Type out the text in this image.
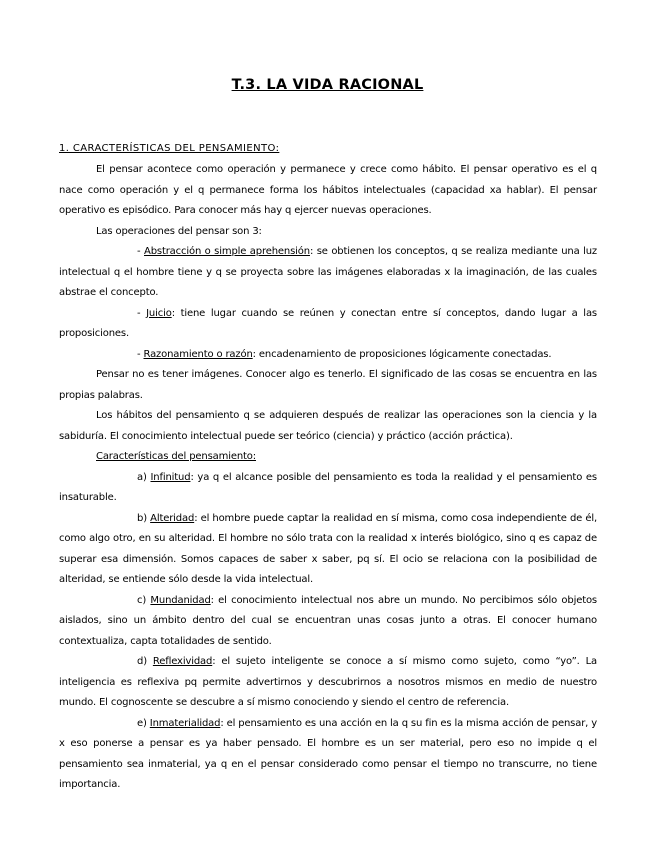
T.3. LA VIDA RACIONAL
1. CARACTERÍSTICAS DEL PENSAMIENTO:

El pensar acontece como operación y permanece y crece como hábito. El pensar operativo es el q nace como operación y el q permanece forma los hábitos intelectuales (capacidad xa hablar). El pensar operativo es episódico. Para conocer más hay q ejercer nuevas operaciones.

Las operaciones del pensar son 3:

- Abstracción o simple aprehensión: se obtienen los conceptos, q se realiza mediante una luz intelectual q el hombre tiene y q se proyecta sobre las imágenes elaboradas x la imaginación, de las cuales abstrae el concepto.

- Juicio: tiene lugar cuando se reúnen y conectan entre sí conceptos, dando lugar a las proposiciones.

- Razonamiento o razón: encadenamiento de proposiciones lógicamente conectadas.

Pensar no es tener imágenes. Conocer algo es tenerlo. El significado de las cosas se encuentra en las propias palabras.

Los hábitos del pensamiento q se adquieren después de realizar las operaciones son la ciencia y la sabiduría. El conocimiento intelectual puede ser teórico (ciencia) y práctico (acción práctica).

Características del pensamiento:

a) Infinitud: ya q el alcance posible del pensamiento es toda la realidad y el pensamiento es insaturable.

b) Alteridad: el hombre puede captar la realidad en sí misma, como cosa independiente de él, como algo otro, en su alteridad. El hombre no sólo trata con la realidad x interés biológico, sino q es capaz de superar esa dimensión. Somos capaces de saber x saber, pq sí. El ocio se relaciona con la posibilidad de alteridad, se entiende sólo desde la vida intelectual.

c) Mundanidad: el conocimiento intelectual nos abre un mundo. No percibimos sólo objetos aislados, sino un ámbito dentro del cual se encuentran unas cosas junto a otras. El conocer humano contextualiza, capta totalidades de sentido.

d) Reflexividad: el sujeto inteligente se conoce a sí mismo como sujeto, como “yo”. La inteligencia es reflexiva pq permite advertirnos y descubrirnos a nosotros mismos en medio de nuestro mundo. El cognoscente se descubre a sí mismo conociendo y siendo el centro de referencia.

e) Inmaterialidad: el pensamiento es una acción en la q su fin es la misma acción de pensar, y x eso ponerse a pensar es ya haber pensado. El hombre es un ser material, pero eso no impide q el pensamiento sea inmaterial, ya q en el pensar considerado como pensar el tiempo no transcurre, no tiene importancia.
